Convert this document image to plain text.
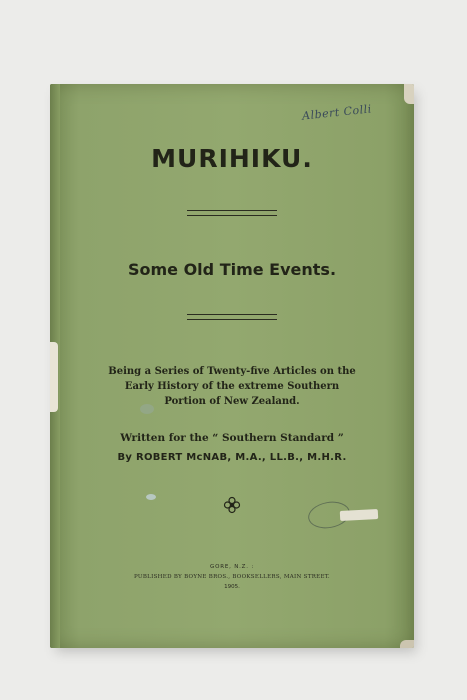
Albert Colli
MURIHIKU.
Some Old Time Events.
Being a Series of Twenty-five Articles on the
Early History of the extreme Southern
Portion of New Zealand.
Written for the “ Southern Standard ”
By ROBERT McNAB, M.A., LL.B., M.H.R.
GORE, N.Z. :
PUBLISHED BY BOYNE BROS., BOOKSELLERS, MAIN STREET.
1905.
